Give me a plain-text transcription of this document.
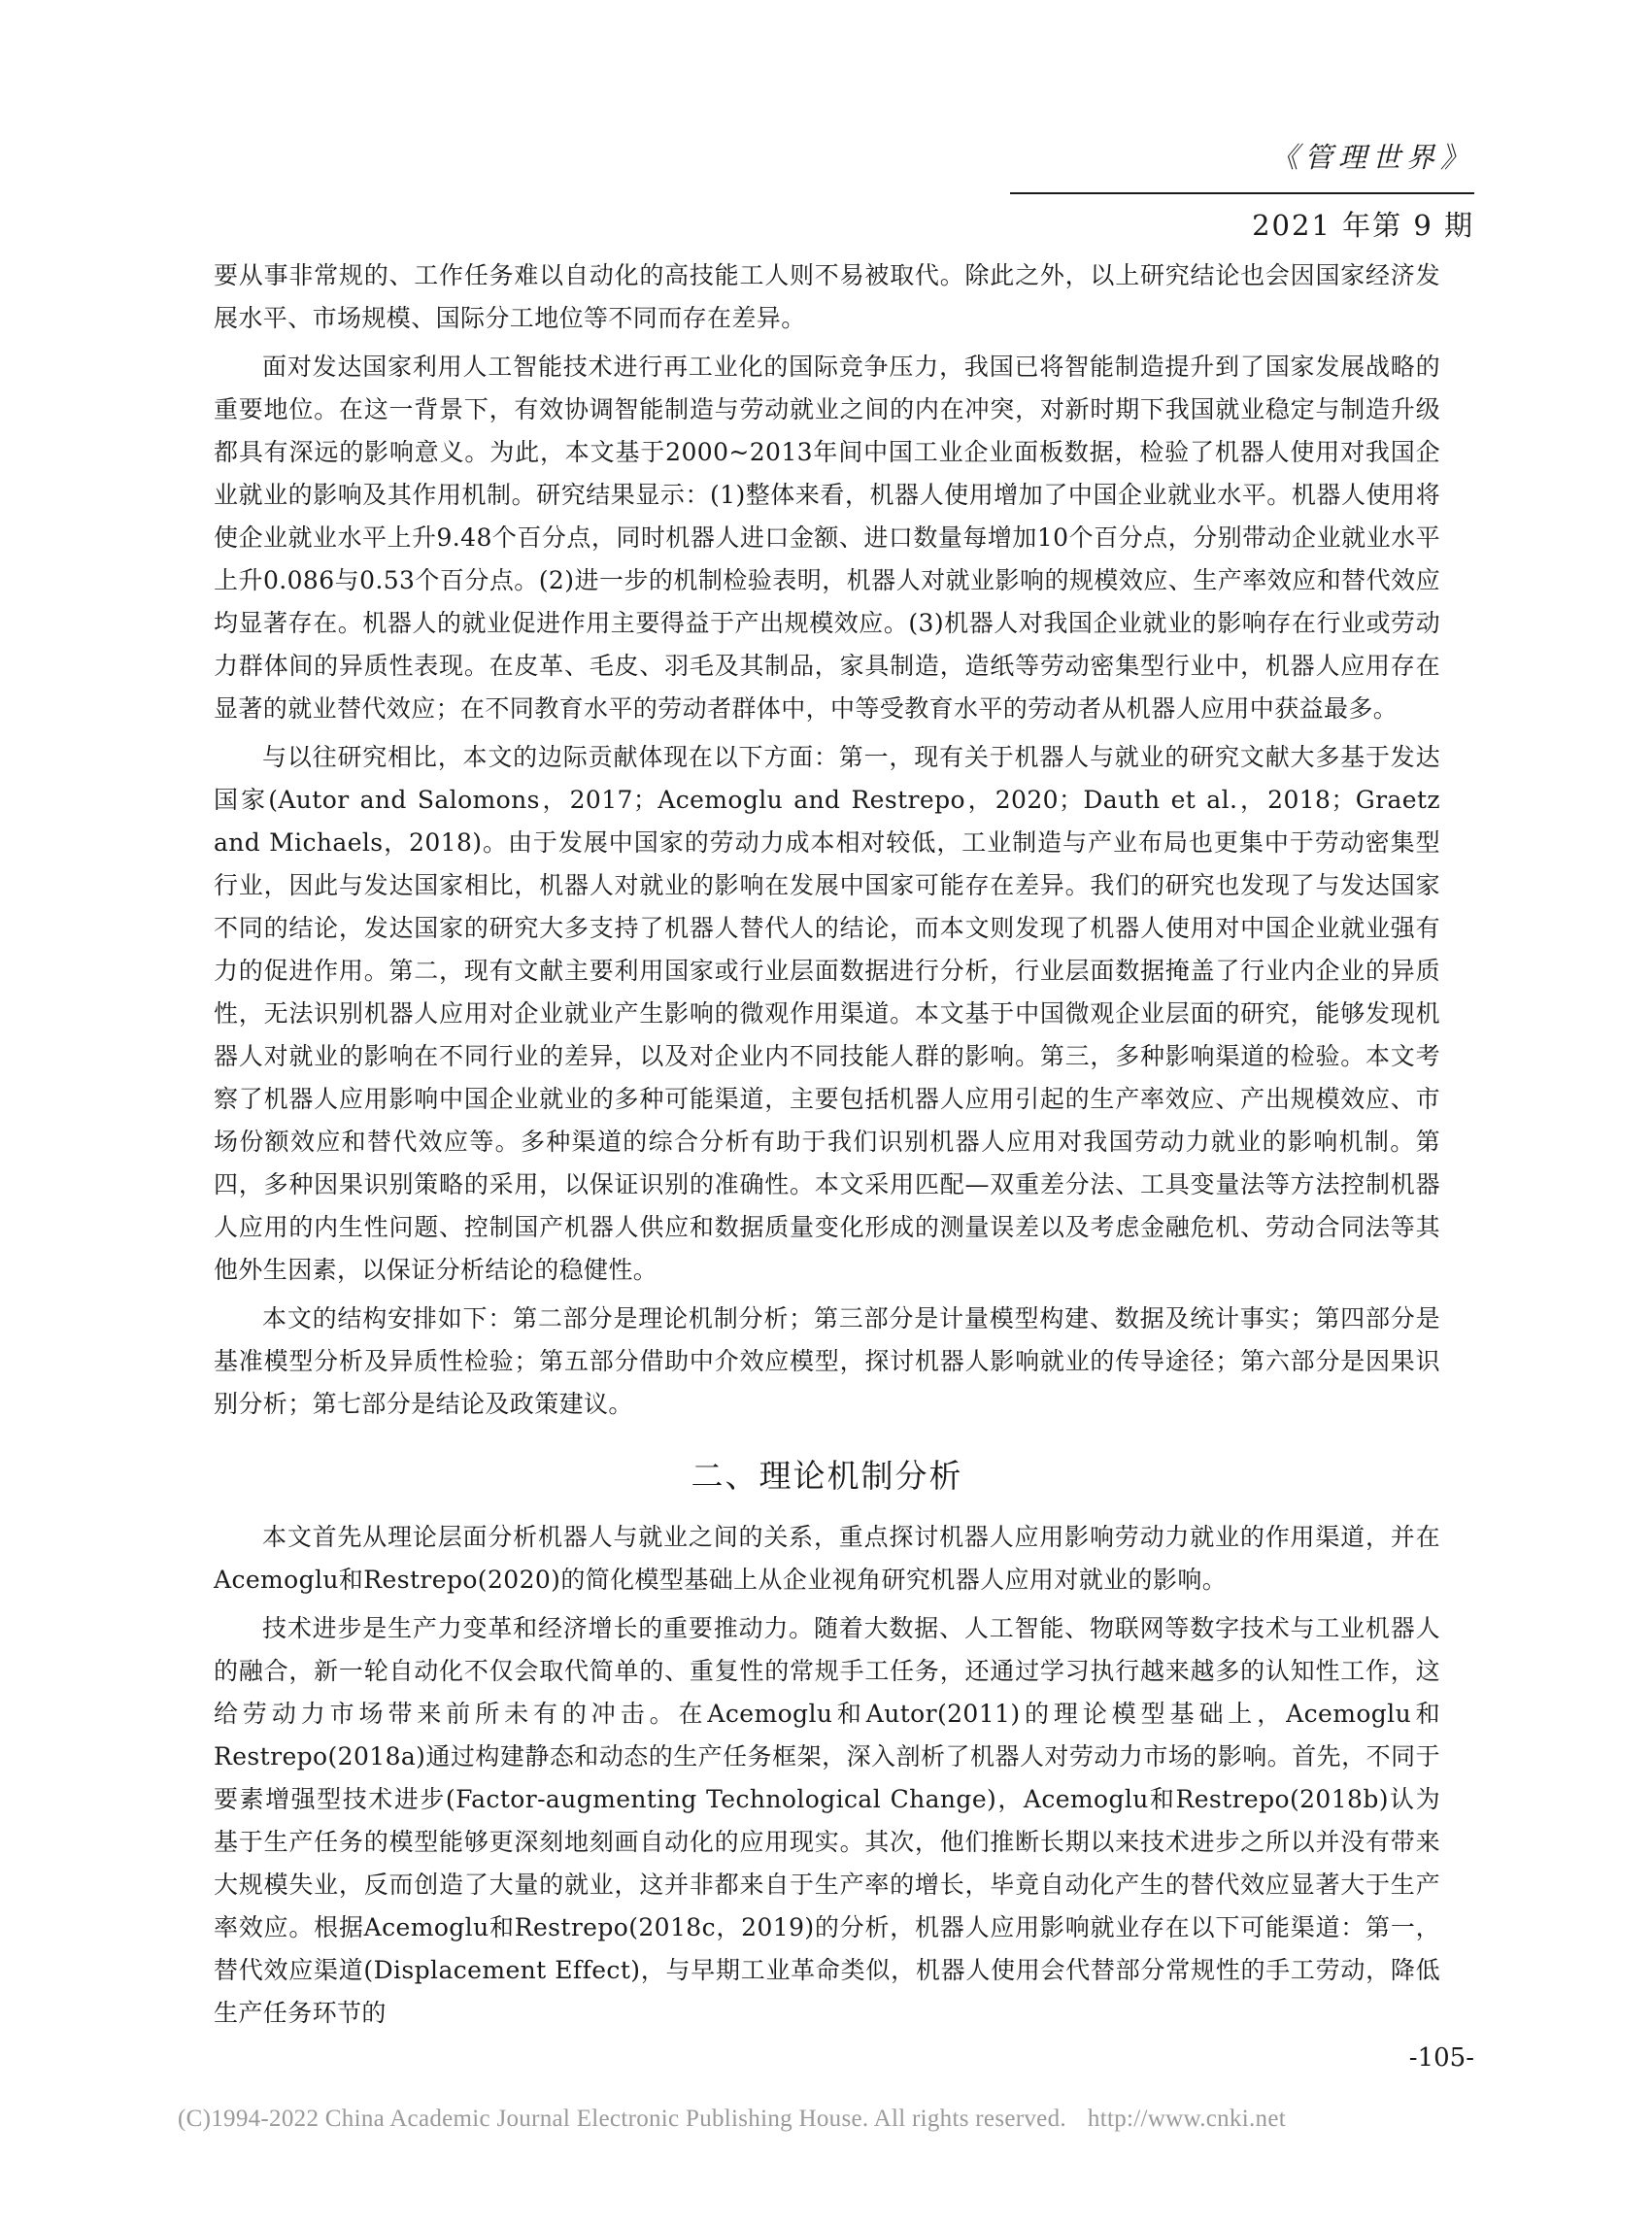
《管理世界》
2021 年第 9 期

要从事非常规的、工作任务难以自动化的高技能工人则不易被取代。除此之外，以上研究结论也会因国家经济发展水平、市场规模、国际分工地位等不同而存在差异。

面对发达国家利用人工智能技术进行再工业化的国际竞争压力，我国已将智能制造提升到了国家发展战略的重要地位。在这一背景下，有效协调智能制造与劳动就业之间的内在冲突，对新时期下我国就业稳定与制造升级都具有深远的影响意义。为此，本文基于2000~2013年间中国工业企业面板数据，检验了机器人使用对我国企业就业的影响及其作用机制。研究结果显示：(1)整体来看，机器人使用增加了中国企业就业水平。机器人使用将使企业就业水平上升9.48个百分点，同时机器人进口金额、进口数量每增加10个百分点，分别带动企业就业水平上升0.086与0.53个百分点。(2)进一步的机制检验表明，机器人对就业影响的规模效应、生产率效应和替代效应均显著存在。机器人的就业促进作用主要得益于产出规模效应。(3)机器人对我国企业就业的影响存在行业或劳动力群体间的异质性表现。在皮革、毛皮、羽毛及其制品，家具制造，造纸等劳动密集型行业中，机器人应用存在显著的就业替代效应；在不同教育水平的劳动者群体中，中等受教育水平的劳动者从机器人应用中获益最多。

与以往研究相比，本文的边际贡献体现在以下方面：第一，现有关于机器人与就业的研究文献大多基于发达国家(Autor and Salomons，2017；Acemoglu and Restrepo，2020；Dauth et al.，2018；Graetz and Michaels，2018)。由于发展中国家的劳动力成本相对较低，工业制造与产业布局也更集中于劳动密集型行业，因此与发达国家相比，机器人对就业的影响在发展中国家可能存在差异。我们的研究也发现了与发达国家不同的结论，发达国家的研究大多支持了机器人替代人的结论，而本文则发现了机器人使用对中国企业就业强有力的促进作用。第二，现有文献主要利用国家或行业层面数据进行分析，行业层面数据掩盖了行业内企业的异质性，无法识别机器人应用对企业就业产生影响的微观作用渠道。本文基于中国微观企业层面的研究，能够发现机器人对就业的影响在不同行业的差异，以及对企业内不同技能人群的影响。第三，多种影响渠道的检验。本文考察了机器人应用影响中国企业就业的多种可能渠道，主要包括机器人应用引起的生产率效应、产出规模效应、市场份额效应和替代效应等。多种渠道的综合分析有助于我们识别机器人应用对我国劳动力就业的影响机制。第四，多种因果识别策略的采用，以保证识别的准确性。本文采用匹配—双重差分法、工具变量法等方法控制机器人应用的内生性问题、控制国产机器人供应和数据质量变化形成的测量误差以及考虑金融危机、劳动合同法等其他外生因素，以保证分析结论的稳健性。

本文的结构安排如下：第二部分是理论机制分析；第三部分是计量模型构建、数据及统计事实；第四部分是基准模型分析及异质性检验；第五部分借助中介效应模型，探讨机器人影响就业的传导途径；第六部分是因果识别分析；第七部分是结论及政策建议。

二、理论机制分析

本文首先从理论层面分析机器人与就业之间的关系，重点探讨机器人应用影响劳动力就业的作用渠道，并在Acemoglu和Restrepo(2020)的简化模型基础上从企业视角研究机器人应用对就业的影响。

技术进步是生产力变革和经济增长的重要推动力。随着大数据、人工智能、物联网等数字技术与工业机器人的融合，新一轮自动化不仅会取代简单的、重复性的常规手工任务，还通过学习执行越来越多的认知性工作，这给劳动力市场带来前所未有的冲击。在Acemoglu和Autor(2011)的理论模型基础上，Acemoglu和Restrepo(2018a)通过构建静态和动态的生产任务框架，深入剖析了机器人对劳动力市场的影响。首先，不同于要素增强型技术进步(Factor-augmenting Technological Change)，Acemoglu和Restrepo(2018b)认为基于生产任务的模型能够更深刻地刻画自动化的应用现实。其次，他们推断长期以来技术进步之所以并没有带来大规模失业，反而创造了大量的就业，这并非都来自于生产率的增长，毕竟自动化产生的替代效应显著大于生产率效应。根据Acemoglu和Restrepo(2018c，2019)的分析，机器人应用影响就业存在以下可能渠道：第一，替代效应渠道(Displacement Effect)，与早期工业革命类似，机器人使用会代替部分常规性的手工劳动，降低生产任务环节的

-105-
(C)1994-2022 China Academic Journal Electronic Publishing House. All rights reserved. http://www.cnki.net
